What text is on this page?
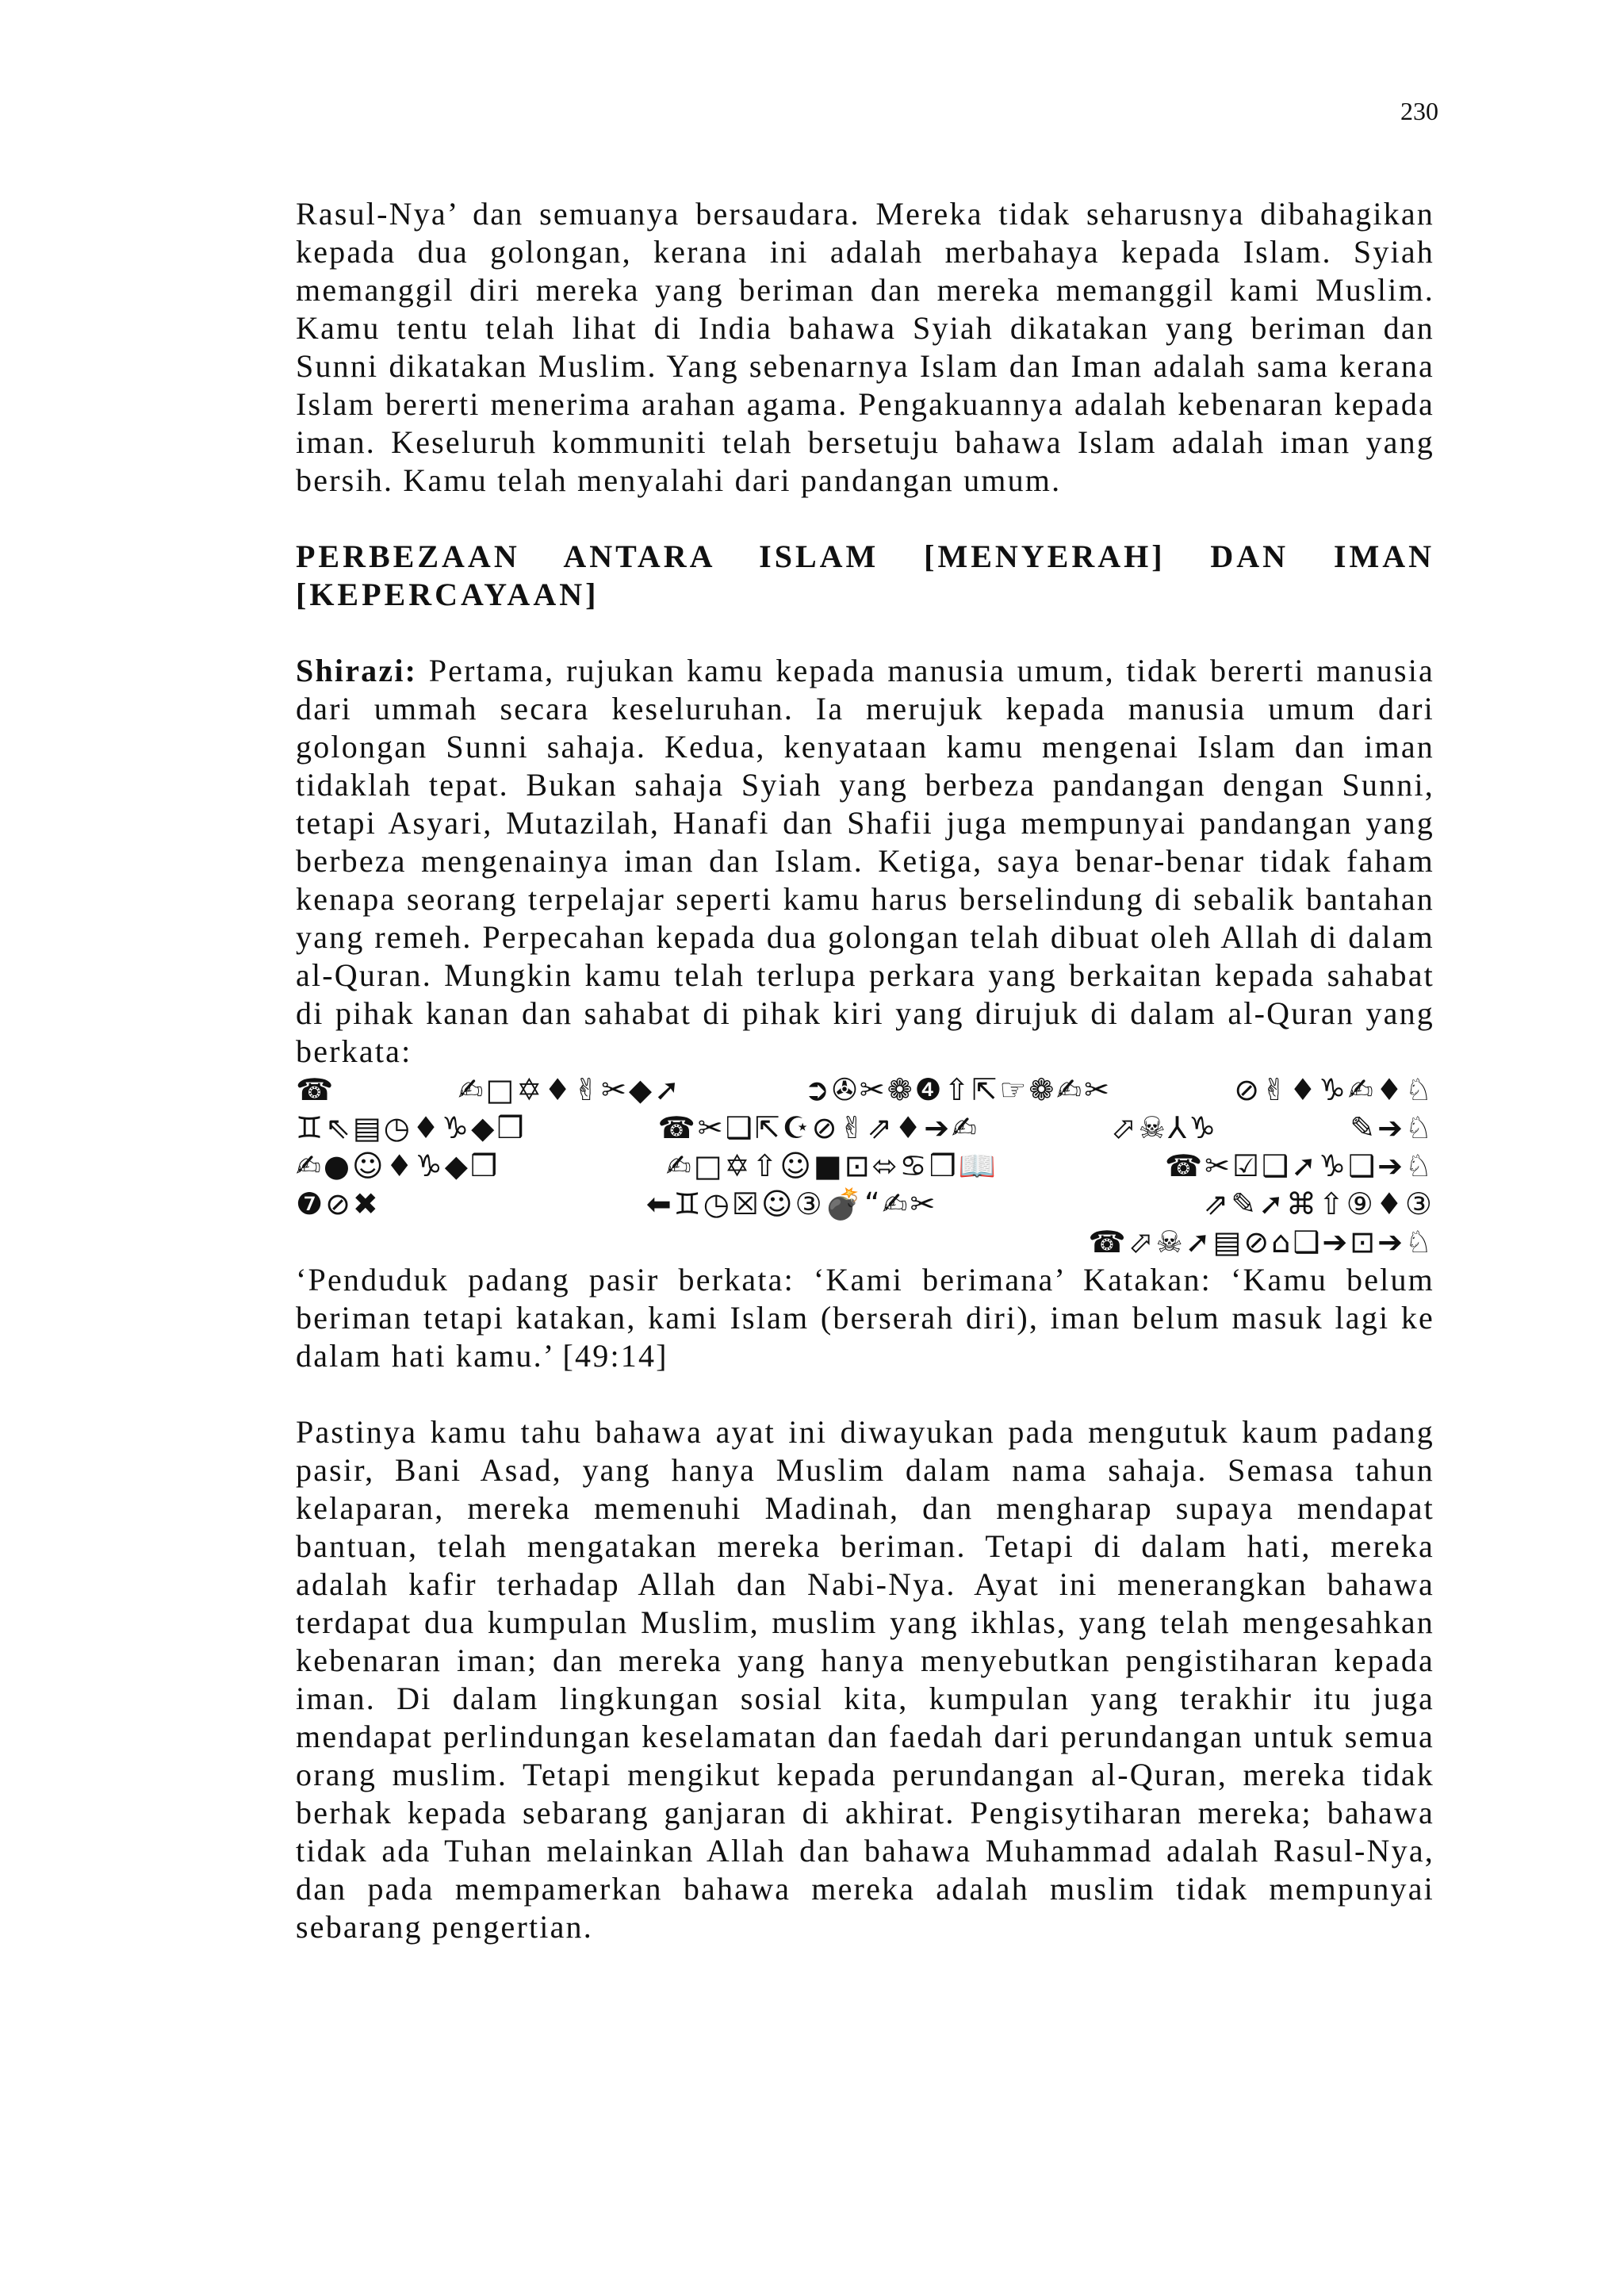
230

Rasul-Nya’ dan semuanya bersaudara. Mereka tidak seharusnya dibahagikan kepada dua golongan, kerana ini adalah merbahaya kepada Islam. Syiah memanggil diri mereka yang beriman dan mereka memanggil kami Muslim. Kamu tentu telah lihat di India bahawa Syiah dikatakan yang beriman dan Sunni dikatakan Muslim. Yang sebenarnya Islam dan Iman adalah sama kerana Islam bererti menerima arahan agama. Pengakuannya adalah kebenaran kepada iman. Keseluruh kommuniti telah bersetuju bahawa Islam adalah iman yang bersih. Kamu telah menyalahi dari pandangan umum.

PERBEZAAN ANTARA ISLAM [MENYERAH] DAN IMAN

[KEPERCAYAAN]

Shirazi: Pertama, rujukan kamu kepada manusia umum, tidak bererti manusia dari ummah secara keseluruhan. Ia merujuk kepada manusia umum dari golongan Sunni sahaja. Kedua, kenyataan kamu mengenai Islam dan iman tidaklah tepat. Bukan sahaja Syiah yang berbeza pandangan dengan Sunni, tetapi Asyari, Mutazilah, Hanafi dan Shafii juga mempunyai pandangan yang berbeza mengenainya iman dan Islam. Ketiga, saya benar-benar tidak faham kenapa seorang terpelajar seperti kamu harus berselindung di sebalik bantahan yang remeh. Perpecahan kepada dua golongan telah dibuat oleh Allah di dalam al-Quran. Mungkin kamu telah terlupa perkara yang berkaitan kepada sahabat di pihak kanan dan sahabat di pihak kiri yang dirujuk di dalam al-Quran yang berkata:

☎	✍□✡♦✌✂◆➚	➲✇✂❁❹⇧⇱☞❁✍✂	⊘✌♦♑✍♦♘
♊⇖▤◷♦♑◆❒	☎✂❑⇱☪⊘✌⇗♦➔✍	⬀☠⅄♑	✎➔♘
✍●☺♦♑◆❒	✍□✡⇧☺■⊡⬄♋❒📖	☎✂☑❑➚♑❑➔♘
❼⊘✖	⬅♊◷☒☺③💣“✍✂	⇗✎➚⌘⇧⑨♦③
☎⬀☠➚▤⊘⌂❑➔⊡➔♘

‘Penduduk padang pasir berkata: ‘Kami berimana’ Katakan: ‘Kamu belum beriman tetapi katakan, kami Islam (berserah diri), iman belum masuk lagi ke dalam hati kamu.’ [49:14]

Pastinya kamu tahu bahawa ayat ini diwayukan pada mengutuk kaum padang pasir, Bani Asad, yang hanya Muslim dalam nama sahaja. Semasa tahun kelaparan, mereka memenuhi Madinah, dan mengharap supaya mendapat bantuan, telah mengatakan mereka beriman. Tetapi di dalam hati, mereka adalah kafir terhadap Allah dan Nabi-Nya. Ayat ini menerangkan bahawa terdapat dua kumpulan Muslim, muslim yang ikhlas, yang telah mengesahkan kebenaran iman; dan mereka yang hanya menyebutkan pengistiharan kepada iman. Di dalam lingkungan sosial kita, kumpulan yang terakhir itu juga mendapat perlindungan keselamatan dan faedah dari perundangan untuk semua orang muslim. Tetapi mengikut kepada perundangan al-Quran, mereka tidak berhak kepada sebarang ganjaran di akhirat. Pengisytiharan mereka; bahawa tidak ada Tuhan melainkan Allah dan bahawa Muhammad adalah Rasul-Nya, dan pada mempamerkan bahawa mereka adalah muslim tidak mempunyai sebarang pengertian.
